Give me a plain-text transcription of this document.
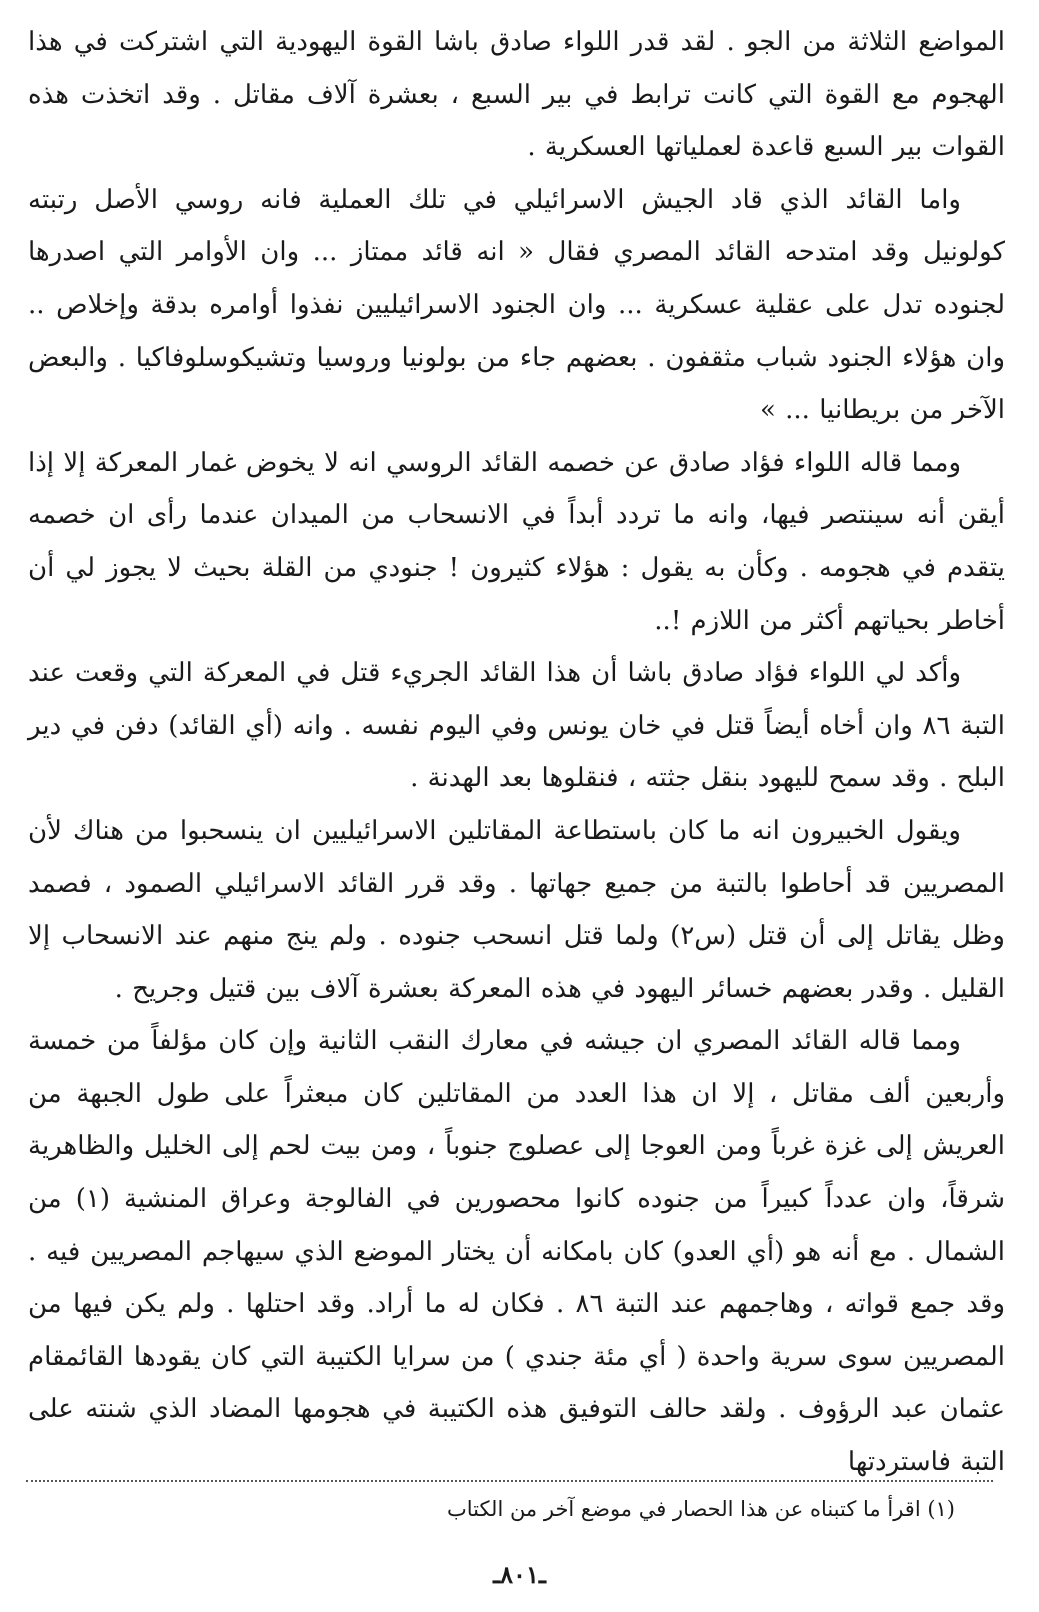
المواضع الثلاثة من الجو . لقد قدر اللواء صادق باشا القوة اليهودية التي اشتركت في هذا الهجوم مع القوة التي كانت ترابط في بير السبع ، بعشرة آلاف مقاتل . وقد اتخذت هذه القوات بير السبع قاعدة لعملياتها العسكرية .

واما القائد الذي قاد الجيش الاسرائيلي في تلك العملية فانه روسي الأصل رتبته كولونيل وقد امتدحه القائد المصري فقال « انه قائد ممتاز ... وان الأوامر التي اصدرها لجنوده تدل على عقلية عسكرية ... وان الجنود الاسرائيليين نفذوا أوامره بدقة وإخلاص .. وان هؤلاء الجنود شباب مثقفون . بعضهم جاء من بولونيا وروسيا وتشيكوسلوفاكيا . والبعض الآخر من بريطانيا ... »

ومما قاله اللواء فؤاد صادق عن خصمه القائد الروسي انه لا يخوض غمار المعركة إلا إذا أيقن أنه سينتصر فيها، وانه ما تردد أبداً في الانسحاب من الميدان عندما رأى ان خصمه يتقدم في هجومه . وكأن به يقول : هؤلاء كثيرون ! جنودي من القلة بحيث لا يجوز لي أن أخاطر بحياتهم أكثر من اللازم !..

وأكد لي اللواء فؤاد صادق باشا أن هذا القائد الجريء قتل في المعركة التي وقعت عند التبة ٨٦ وان أخاه أيضاً قتل في خان يونس وفي اليوم نفسه . وانه (أي القائد) دفن في دير البلح . وقد سمح لليهود بنقل جثته ، فنقلوها بعد الهدنة .

ويقول الخبيرون انه ما كان باستطاعة المقاتلين الاسرائيليين ان ينسحبوا من هناك لأن المصريين قد أحاطوا بالتبة من جميع جهاتها . وقد قرر القائد الاسرائيلي الصمود ، فصمد وظل يقاتل إلى أن قتل (س٢) ولما قتل انسحب جنوده . ولم ينج منهم عند الانسحاب إلا القليل . وقدر بعضهم خسائر اليهود في هذه المعركة بعشرة آلاف بين قتيل وجريح .

ومما قاله القائد المصري ان جيشه في معارك النقب الثانية وإن كان مؤلفاً من خمسة وأربعين ألف مقاتل ، إلا ان هذا العدد من المقاتلين كان مبعثراً على طول الجبهة من العريش إلى غزة غرباً ومن العوجا إلى عصلوج جنوباً ، ومن بيت لحم إلى الخليل والظاهرية شرقاً، وان عدداً كبيراً من جنوده كانوا محصورين في الفالوجة وعراق المنشية (١) من الشمال . مع أنه هو (أي العدو) كان بامكانه أن يختار الموضع الذي سيهاجم المصريين فيه . وقد جمع قواته ، وهاجمهم عند التبة ٨٦ . فكان له ما أراد. وقد احتلها . ولم يكن فيها من المصريين سوى سرية واحدة ( أي مئة جندي ) من سرايا الكتيبة التي كان يقودها القائمقام عثمان عبد الرؤوف . ولقد حالف التوفيق هذه الكتيبة في هجومها المضاد الذي شنته على التبة فاستردتها

(١) اقرأ ما كتبناه عن هذا الحصار في موضع آخر من الكتاب
ـ٨٠١ـ
